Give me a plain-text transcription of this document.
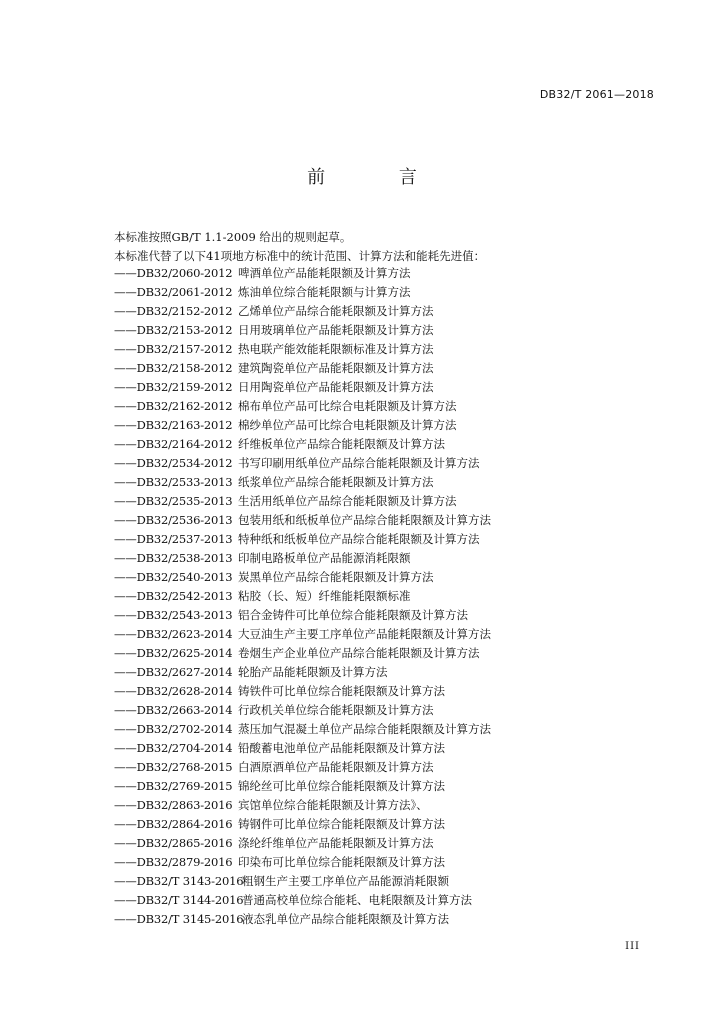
DB32/T 2061—2018
前 言
本标准按照GB/T 1.1-2009 给出的规则起草。
本标准代替了以下41项地方标准中的统计范围、计算方法和能耗先进值：
——DB32/2060-2012 啤酒单位产品能耗限额及计算方法
——DB32/2061-2012 炼油单位综合能耗限额与计算方法
——DB32/2152-2012 乙烯单位产品综合能耗限额及计算方法
——DB32/2153-2012 日用玻璃单位产品能耗限额及计算方法
——DB32/2157-2012 热电联产能效能耗限额标准及计算方法
——DB32/2158-2012 建筑陶瓷单位产品能耗限额及计算方法
——DB32/2159-2012 日用陶瓷单位产品能耗限额及计算方法
——DB32/2162-2012 棉布单位产品可比综合电耗限额及计算方法
——DB32/2163-2012 棉纱单位产品可比综合电耗限额及计算方法
——DB32/2164-2012 纤维板单位产品综合能耗限额及计算方法
——DB32/2534-2012 书写印刷用纸单位产品综合能耗限额及计算方法
——DB32/2533-2013 纸浆单位产品综合能耗限额及计算方法
——DB32/2535-2013 生活用纸单位产品综合能耗限额及计算方法
——DB32/2536-2013 包装用纸和纸板单位产品综合能耗限额及计算方法
——DB32/2537-2013 特种纸和纸板单位产品综合能耗限额及计算方法
——DB32/2538-2013 印制电路板单位产品能源消耗限额
——DB32/2540-2013 炭黑单位产品综合能耗限额及计算方法
——DB32/2542-2013 粘胶（长、短）纤维能耗限额标准
——DB32/2543-2013 铝合金铸件可比单位综合能耗限额及计算方法
——DB32/2623-2014 大豆油生产主要工序单位产品能耗限额及计算方法
——DB32/2625-2014 卷烟生产企业单位产品综合能耗限额及计算方法
——DB32/2627-2014 轮胎产品能耗限额及计算方法
——DB32/2628-2014 铸铁件可比单位综合能耗限额及计算方法
——DB32/2663-2014 行政机关单位综合能耗限额及计算方法
——DB32/2702-2014 蒸压加气混凝土单位产品综合能耗限额及计算方法
——DB32/2704-2014 铅酸蓄电池单位产品能耗限额及计算方法
——DB32/2768-2015 白酒原酒单位产品能耗限额及计算方法
——DB32/2769-2015 锦纶丝可比单位综合能耗限额及计算方法
——DB32/2863-2016 宾馆单位综合能耗限额及计算方法》、
——DB32/2864-2016 铸钢件可比单位综合能耗限额及计算方法
——DB32/2865-2016 涤纶纤维单位产品能耗限额及计算方法
——DB32/2879-2016 印染布可比单位综合能耗限额及计算方法
——DB32/T 3143-2016
粗钢生产主要工序单位产品能源消耗限额
——DB32/T 3144-2016
普通高校单位综合能耗、电耗限额及计算方法
——DB32/T 3145-2016
液态乳单位产品综合能耗限额及计算方法
III
